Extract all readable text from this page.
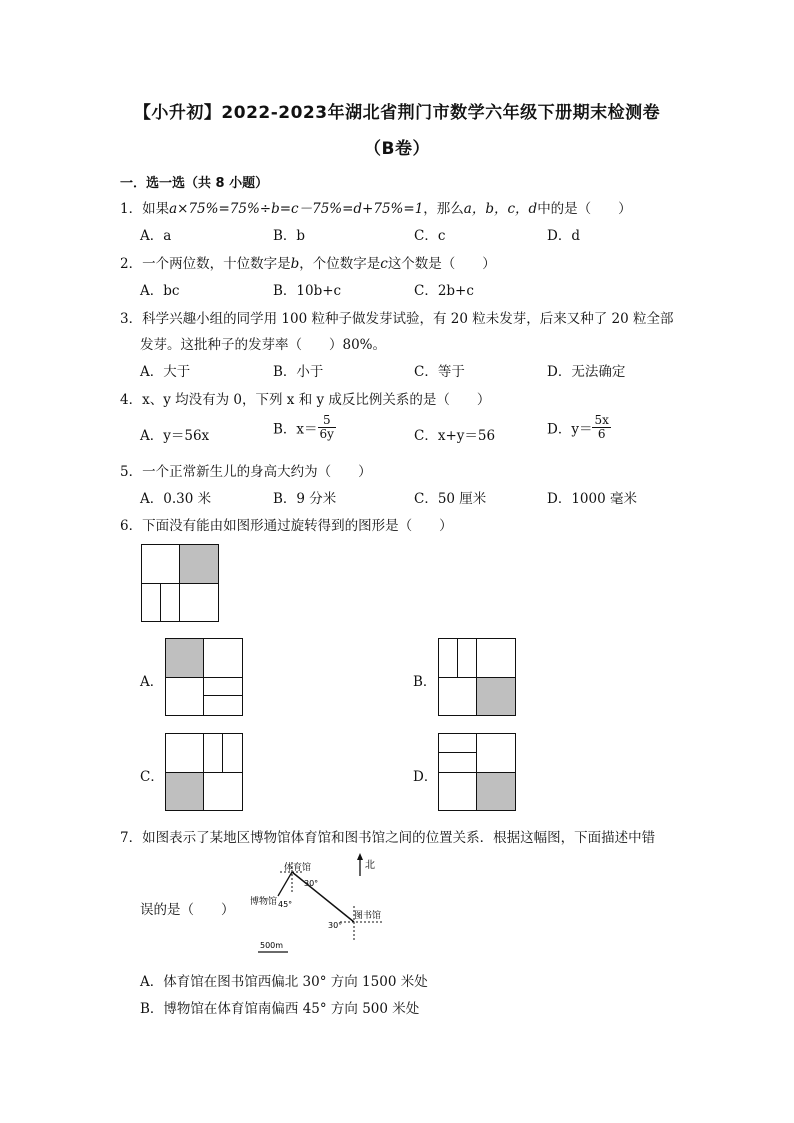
【小升初】2022-2023年湖北省荆门市数学六年级下册期末检测卷
（B卷）
一．选一选（共 8 小题）
1．如果a×75%=75%÷b=c－75%=d+75%=1，那么a，b，c，d中的是（　　）
A．a	B．b	C．c	D．d
2．一个两位数，十位数字是b，个位数字是c这个数是（　　）
A．bc	B．10b+c	C．2b+c
3．科学兴趣小组的同学用 100 粒种子做发芽试验，有 20 粒未发芽，后来又种了 20 粒全部
发芽。这批种子的发芽率（　　）80%。
A．大于	B．小于	C．等于	D．无法确定
4．x、y 均没有为 0，下列 x 和 y 成反比例关系的是（　　）
A．y＝56x	B．$x= \frac{5}{6y}$	C．x+y＝56	D．$y= \frac{5x}{6}$
5．一个正常新生儿的身高大约为（　　）
A．0.30 米	B．9 分米	C．50 厘米	D．1000 毫米
6．下面没有能由如图形通过旋转得到的图形是（　　）
A．	B．
C．	D．
7．如图表示了某地区博物馆体育馆和图书馆之间的位置关系．根据这幅图，下面描述中错
误的是（　　）
北
体育馆
30°
博物馆 45°
图书馆
30°
500m
A．体育馆在图书馆西偏北 30° 方向 1500 米处
B．博物馆在体育馆南偏西 45° 方向 500 米处
